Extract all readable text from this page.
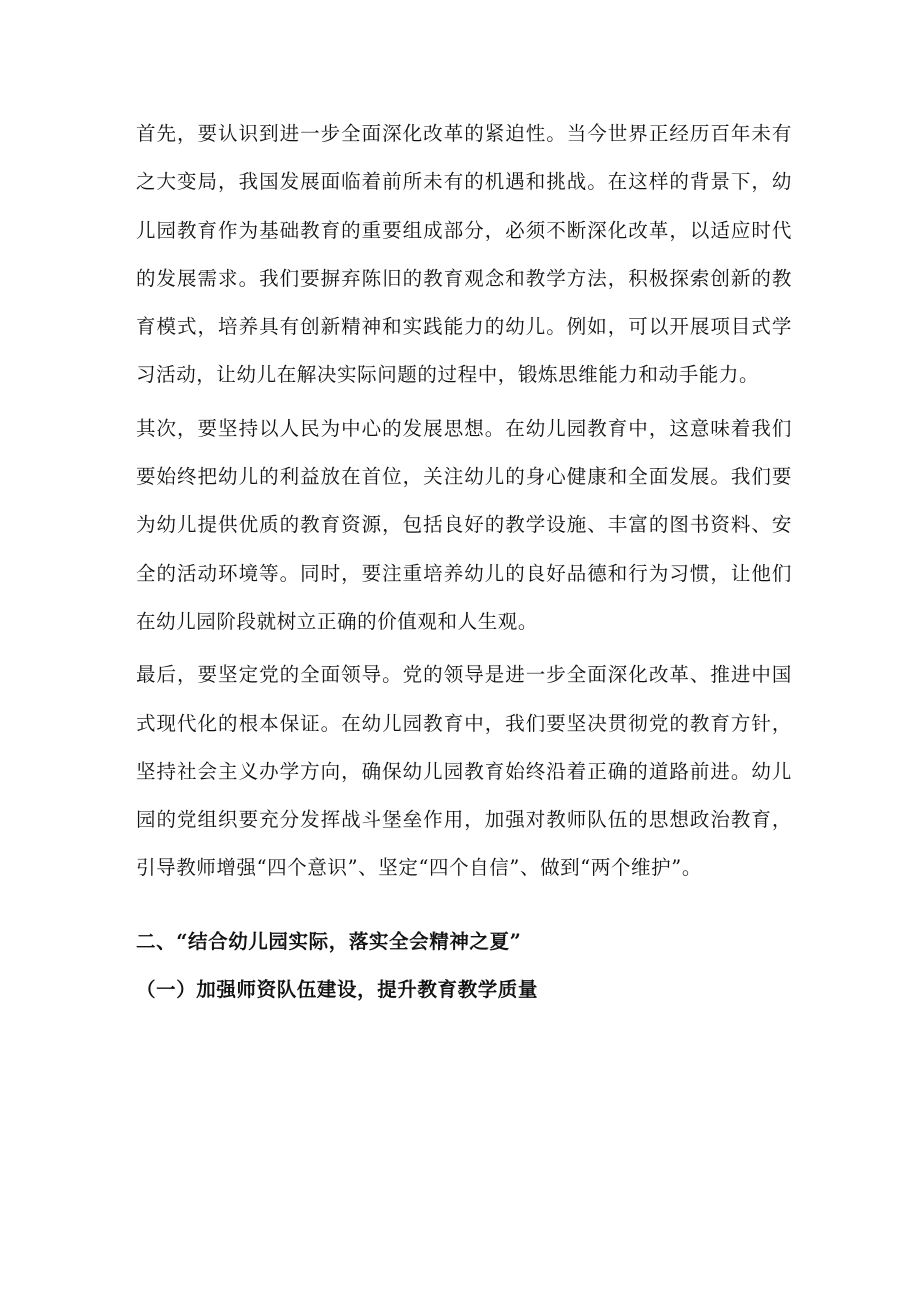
首先，要认识到进一步全面深化改革的紧迫性。当今世界正经历百年未有之大变局，我国发展面临着前所未有的机遇和挑战。在这样的背景下，幼儿园教育作为基础教育的重要组成部分，必须不断深化改革，以适应时代的发展需求。我们要摒弃陈旧的教育观念和教学方法，积极探索创新的教育模式，培养具有创新精神和实践能力的幼儿。例如，可以开展项目式学习活动，让幼儿在解决实际问题的过程中，锻炼思维能力和动手能力。

其次，要坚持以人民为中心的发展思想。在幼儿园教育中，这意味着我们要始终把幼儿的利益放在首位，关注幼儿的身心健康和全面发展。我们要为幼儿提供优质的教育资源，包括良好的教学设施、丰富的图书资料、安全的活动环境等。同时，要注重培养幼儿的良好品德和行为习惯，让他们在幼儿园阶段就树立正确的价值观和人生观。

最后，要坚定党的全面领导。党的领导是进一步全面深化改革、推进中国式现代化的根本保证。在幼儿园教育中，我们要坚决贯彻党的教育方针，坚持社会主义办学方向，确保幼儿园教育始终沿着正确的道路前进。幼儿园的党组织要充分发挥战斗堡垒作用，加强对教师队伍的思想政治教育，引导教师增强“四个意识”、坚定“四个自信”、做到“两个维护”。

二、“结合幼儿园实际，落实全会精神之夏”
（一）加强师资队伍建设，提升教育教学质量
